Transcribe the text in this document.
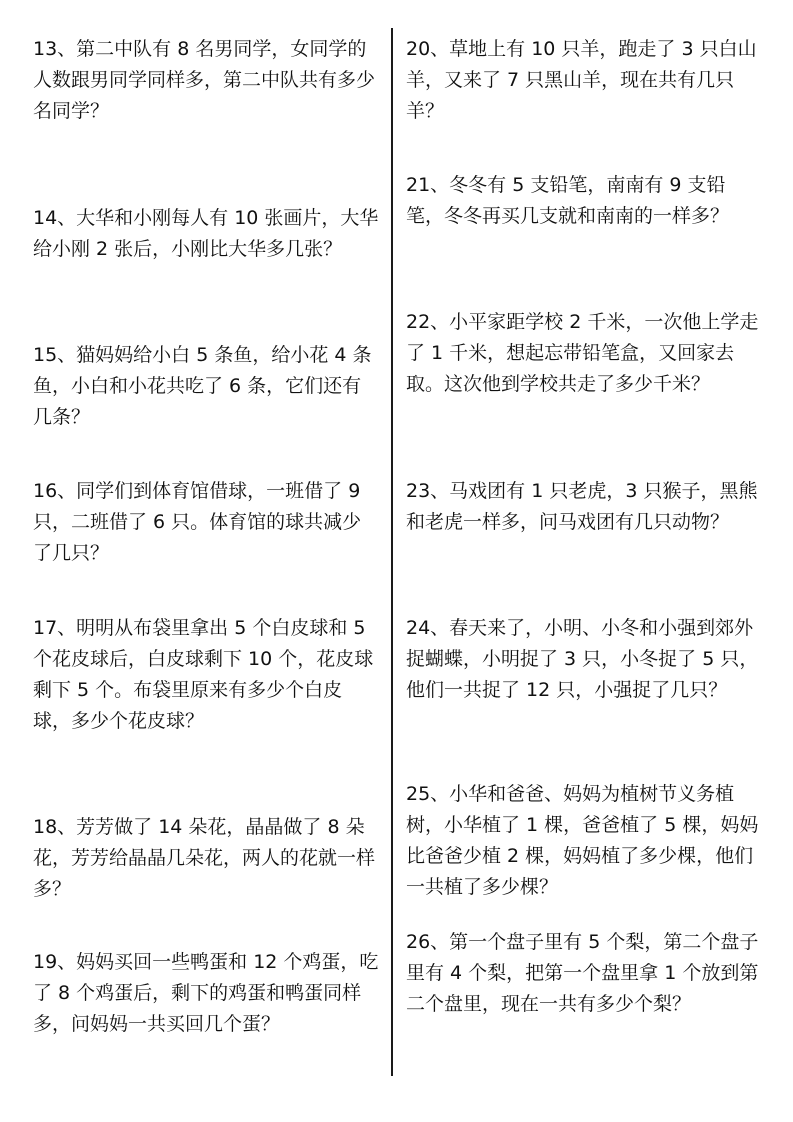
13、第二中队有 8 名男同学，女同学的人数跟男同学同样多，第二中队共有多少名同学？
14、大华和小刚每人有 10 张画片，大华给小刚 2 张后，小刚比大华多几张？
15、猫妈妈给小白 5 条鱼，给小花 4 条鱼，小白和小花共吃了 6 条，它们还有几条？
16、同学们到体育馆借球，一班借了 9 只，二班借了 6 只。体育馆的球共减少了几只？
17、明明从布袋里拿出 5 个白皮球和 5 个花皮球后，白皮球剩下 10 个，花皮球剩下 5 个。布袋里原来有多少个白皮球，多少个花皮球？
18、芳芳做了 14 朵花，晶晶做了 8 朵花，芳芳给晶晶几朵花，两人的花就一样多？
19、妈妈买回一些鸭蛋和 12 个鸡蛋，吃了 8 个鸡蛋后，剩下的鸡蛋和鸭蛋同样多，问妈妈一共买回几个蛋？
20、草地上有 10 只羊，跑走了 3 只白山羊，又来了 7 只黑山羊，现在共有几只羊？
21、冬冬有 5 支铅笔，南南有 9 支铅笔，冬冬再买几支就和南南的一样多？
22、小平家距学校 2 千米，一次他上学走了 1 千米，想起忘带铅笔盒，又回家去取。这次他到学校共走了多少千米？
23、马戏团有 1 只老虎，3 只猴子，黑熊和老虎一样多，问马戏团有几只动物？
24、春天来了，小明、小冬和小强到郊外捉蝴蝶，小明捉了 3 只，小冬捉了 5 只，他们一共捉了 12 只，小强捉了几只？
25、小华和爸爸、妈妈为植树节义务植树，小华植了 1 棵，爸爸植了 5 棵，妈妈比爸爸少植 2 棵，妈妈植了多少棵，他们一共植了多少棵？
26、第一个盘子里有 5 个梨，第二个盘子里有 4 个梨，把第一个盘里拿 1 个放到第二个盘里，现在一共有多少个梨？
